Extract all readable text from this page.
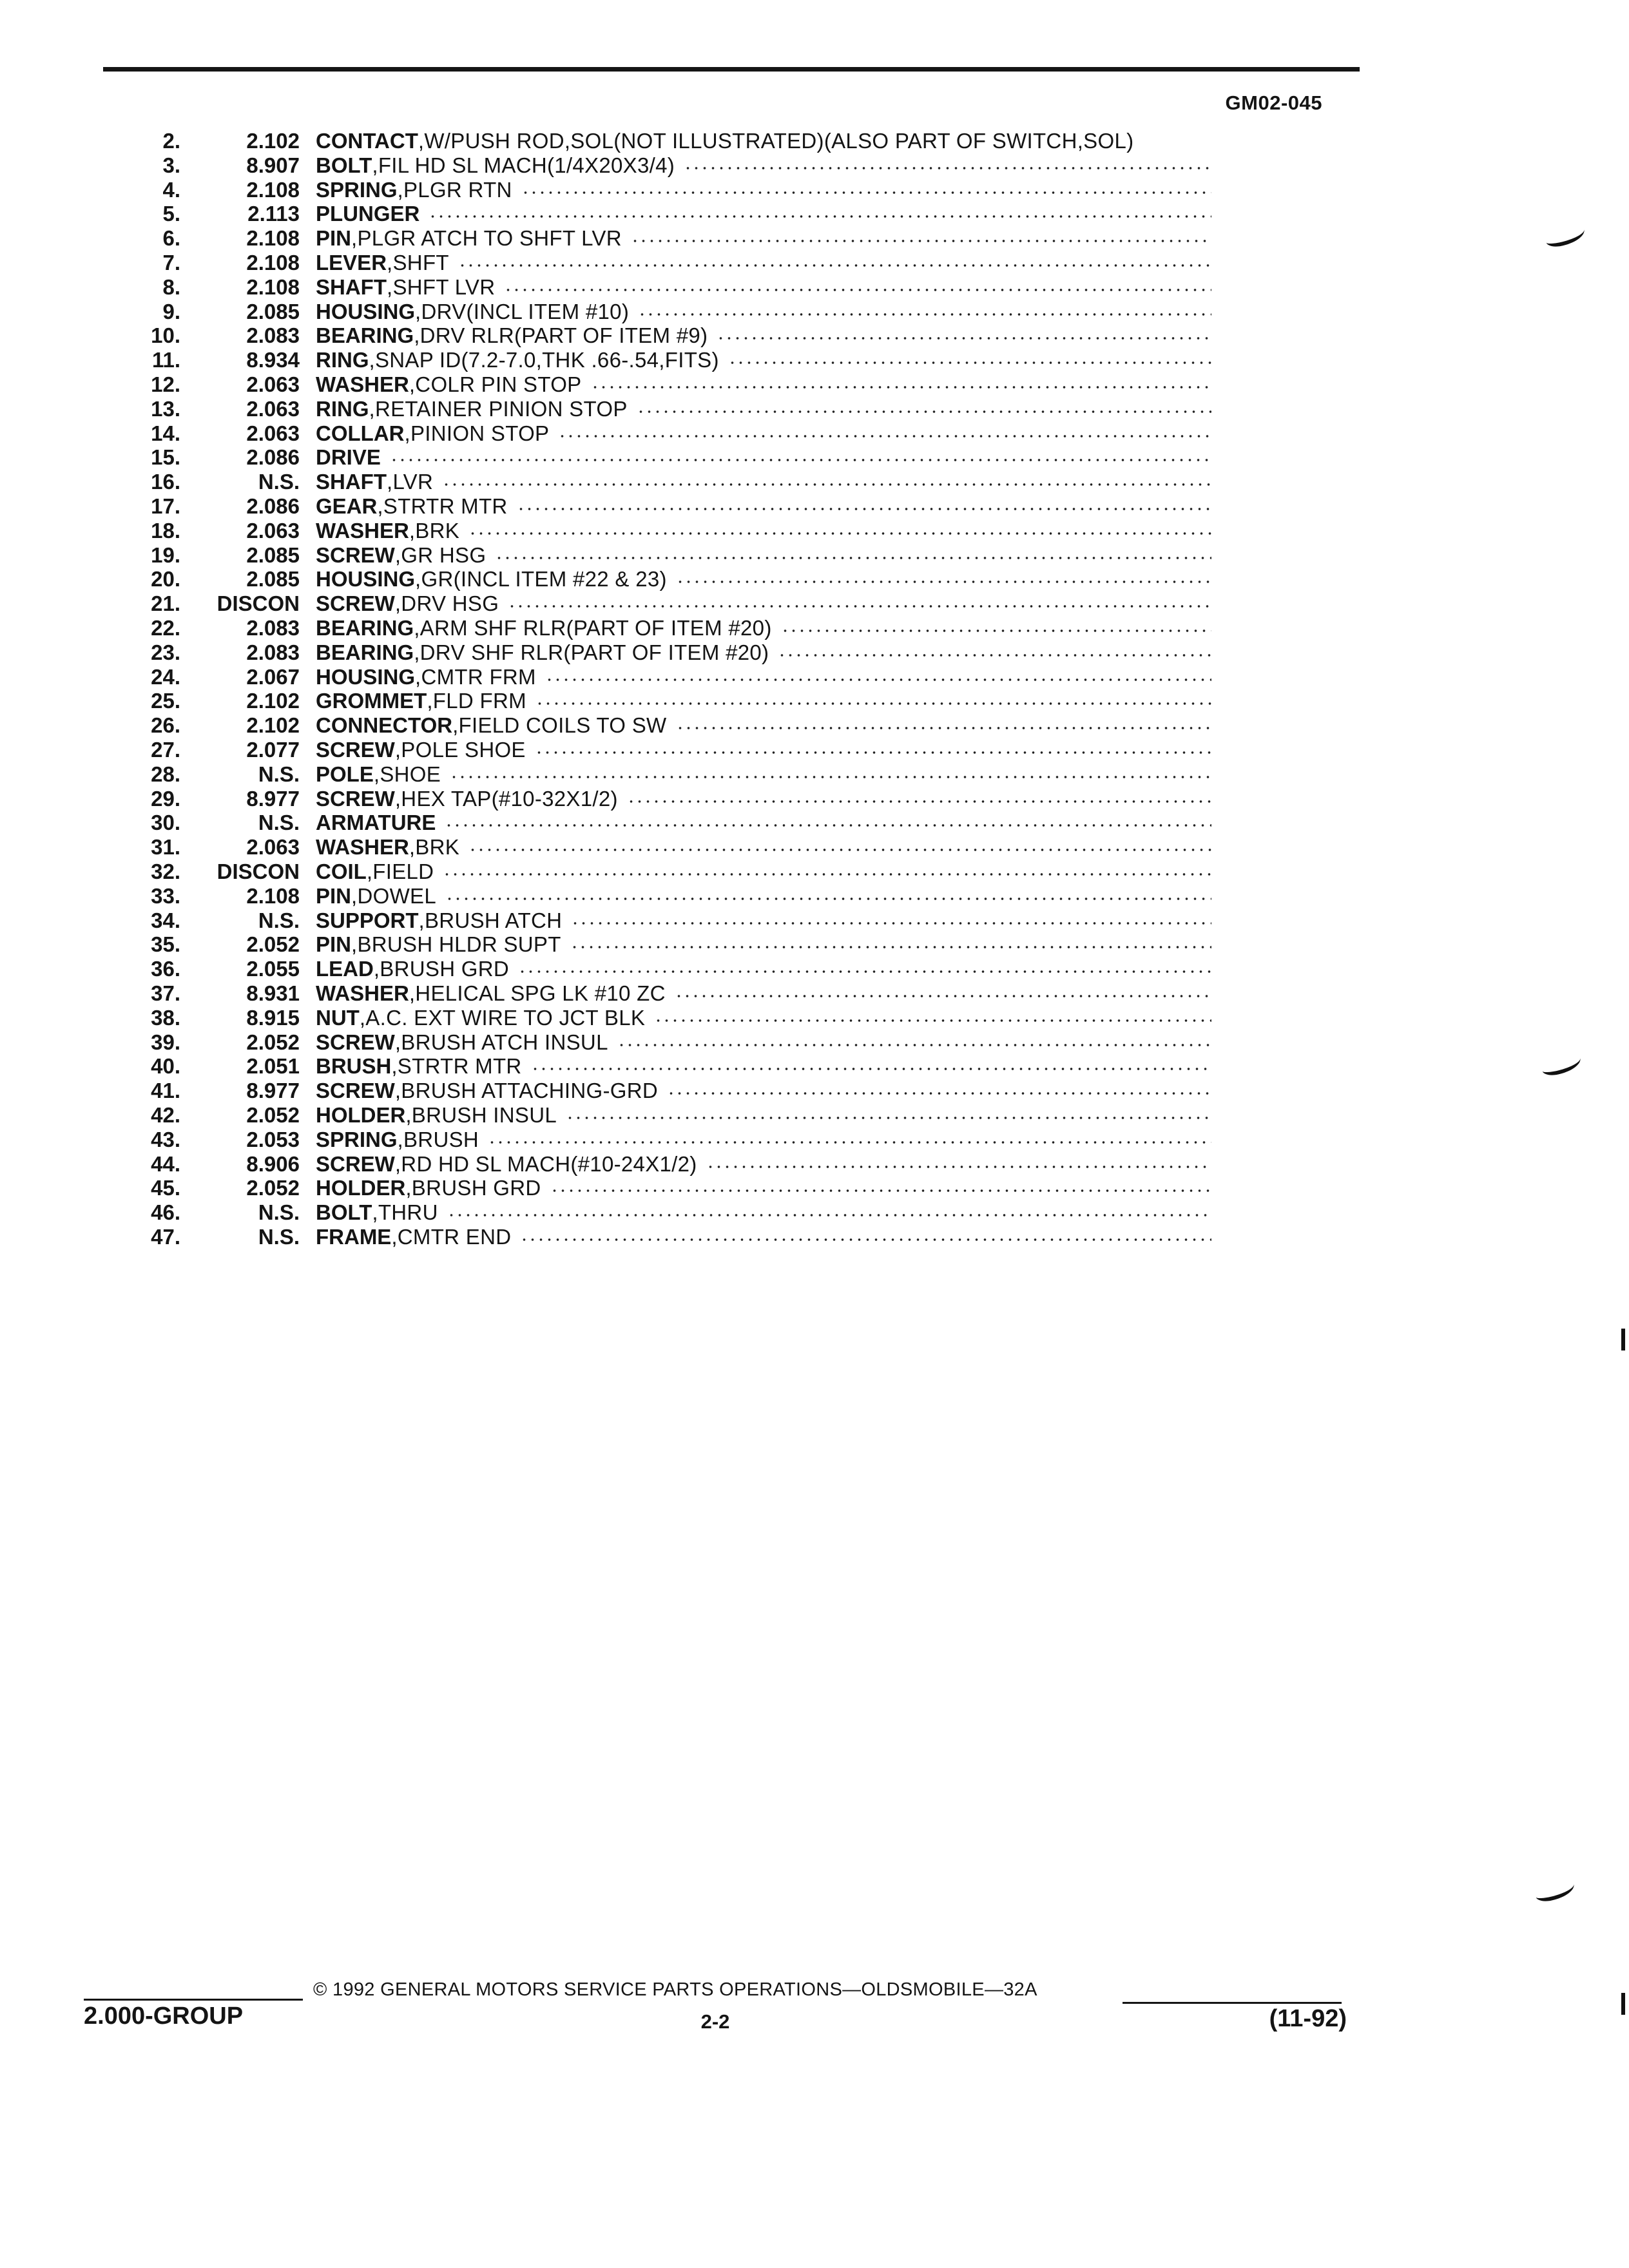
GM02-045
2.	2.102 CONTACT ,W/PUSH ROD,SOL(NOT ILLUSTRATED)(ALSO PART OF SWITCH,SOL)
3.	8.907 BOLT ,FIL HD SL MACH(1/4X20X3/4)
4.	2.108 SPRING ,PLGR RTN
5.	2.113 PLUNGER
6.	2.108 PIN ,PLGR ATCH TO SHFT LVR
7.	2.108 LEVER ,SHFT
8.	2.108 SHAFT ,SHFT LVR
9.	2.085 HOUSING ,DRV(INCL ITEM #10)
10.	2.083 BEARING ,DRV RLR(PART OF ITEM #9)
11.	8.934 RING ,SNAP ID(7.2-7.0,THK .66-.54,FITS)
12.	2.063 WASHER ,COLR PIN STOP
13.	2.063 RING ,RETAINER PINION STOP
14.	2.063 COLLAR ,PINION STOP
15.	2.086 DRIVE
16.	N.S. SHAFT ,LVR
17.	2.086 GEAR ,STRTR MTR
18.	2.063 WASHER ,BRK
19.	2.085 SCREW ,GR HSG
20.	2.085 HOUSING ,GR(INCL ITEM #22 & 23)
21.	DISCON SCREW ,DRV HSG
22.	2.083 BEARING ,ARM SHF RLR(PART OF ITEM #20)
23.	2.083 BEARING ,DRV SHF RLR(PART OF ITEM #20)
24.	2.067 HOUSING ,CMTR FRM
25.	2.102 GROMMET ,FLD FRM
26.	2.102 CONNECTOR ,FIELD COILS TO SW
27.	2.077 SCREW ,POLE SHOE
28.	N.S. POLE ,SHOE
29.	8.977 SCREW ,HEX TAP(#10-32X1/2)
30.	N.S. ARMATURE
31.	2.063 WASHER ,BRK
32.	DISCON COIL ,FIELD
33.	2.108 PIN ,DOWEL
34.	N.S. SUPPORT ,BRUSH ATCH
35.	2.052 PIN ,BRUSH HLDR SUPT
36.	2.055 LEAD ,BRUSH GRD
37.	8.931 WASHER ,HELICAL SPG LK #10 ZC
38.	8.915 NUT ,A.C. EXT WIRE TO JCT BLK
39.	2.052 SCREW ,BRUSH ATCH INSUL
40.	2.051 BRUSH ,STRTR MTR
41.	8.977 SCREW ,BRUSH ATTACHING-GRD
42.	2.052 HOLDER ,BRUSH INSUL
43.	2.053 SPRING ,BRUSH
44.	8.906 SCREW ,RD HD SL MACH(#10-24X1/2)
45.	2.052 HOLDER ,BRUSH GRD
46.	N.S. BOLT ,THRU
47.	N.S. FRAME ,CMTR END
2.000-GROUP
© 1992 GENERAL MOTORS SERVICE PARTS OPERATIONS—OLDSMOBILE—32A
2-2	(11-92)
